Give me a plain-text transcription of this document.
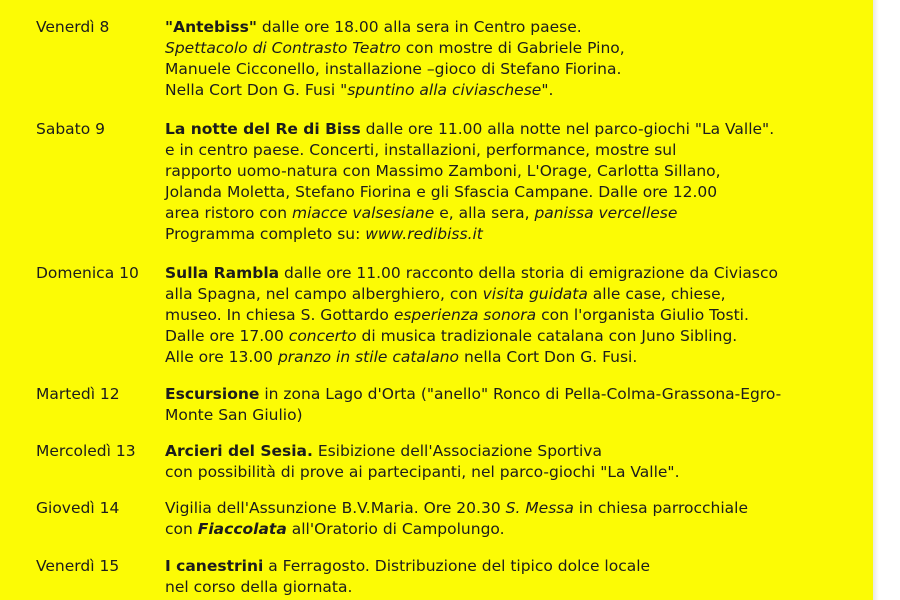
Venerdì 8	"Antebiss" dalle ore 18.00 alla sera in Centro paese.
Spettacolo di Contrasto Teatro con mostre di Gabriele Pino,
Manuele Cicconello, installazione –gioco di Stefano Fiorina.
Nella Cort Don G. Fusi "spuntino alla civiaschese".
Sabato 9	La notte del Re di Biss dalle ore 11.00 alla notte nel parco-giochi "La Valle".
e in centro paese. Concerti, installazioni, performance, mostre sul
rapporto uomo-natura con Massimo Zamboni, L'Orage, Carlotta Sillano,
Jolanda Moletta, Stefano Fiorina e gli Sfascia Campane. Dalle ore 12.00
area ristoro con miacce valsesiane e, alla sera, panissa vercellese
Programma completo su: www.redibiss.it
Domenica 10 Sulla Rambla dalle ore 11.00 racconto della storia di emigrazione da Civiasco
alla Spagna, nel campo alberghiero, con visita guidata alle case, chiese,
museo. In chiesa S. Gottardo esperienza sonora con l'organista Giulio Tosti.
Dalle ore 17.00 concerto di musica tradizionale catalana con Juno Sibling.
Alle ore 13.00 pranzo in stile catalano nella Cort Don G. Fusi.
Martedì 12	Escursione in zona Lago d'Orta ("anello" Ronco di Pella-Colma-Grassona-Egro-
Monte San Giulio)
Mercoledì 13 Arcieri del Sesia. Esibizione dell'Associazione Sportiva
con possibilità di prove ai partecipanti, nel parco-giochi "La Valle".
Giovedì 14	Vigilia dell'Assunzione B.V.Maria. Ore 20.30 S. Messa in chiesa parrocchiale
con Fiaccolata all'Oratorio di Campolungo.
Venerdì 15	I canestrini a Ferragosto. Distribuzione del tipico dolce locale
nel corso della giornata.
